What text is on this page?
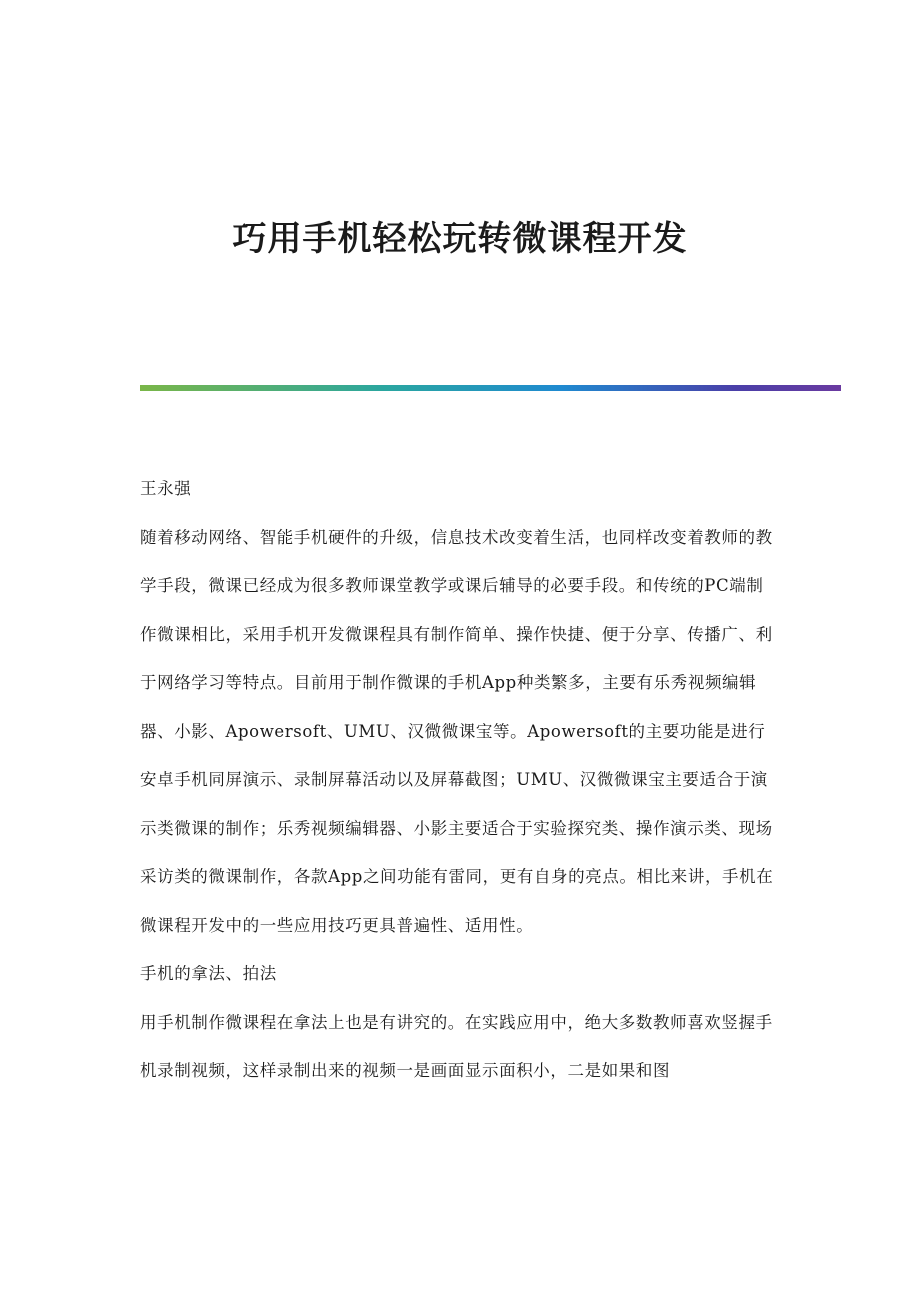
巧用手机轻松玩转微课程开发

王永强

随着移动网络、智能手机硬件的升级，信息技术改变着生活，也同样改变着教师的教学手段，微课已经成为很多教师课堂教学或课后辅导的必要手段。和传统的PC端制作微课相比，采用手机开发微课程具有制作简单、操作快捷、便于分享、传播广、利于网络学习等特点。目前用于制作微课的手机App种类繁多，主要有乐秀视频编辑器、小影、Apowersoft、UMU、汉微微课宝等。Apowersoft的主要功能是进行安卓手机同屏演示、录制屏幕活动以及屏幕截图；UMU、汉微微课宝主要适合于演示类微课的制作；乐秀视频编辑器、小影主要适合于实验探究类、操作演示类、现场采访类的微课制作，各款App之间功能有雷同，更有自身的亮点。相比来讲，手机在微课程开发中的一些应用技巧更具普遍性、适用性。

手机的拿法、拍法

用手机制作微课程在拿法上也是有讲究的。在实践应用中，绝大多数教师喜欢竖握手机录制视频，这样录制出来的视频一是画面显示面积小，二是如果和图
